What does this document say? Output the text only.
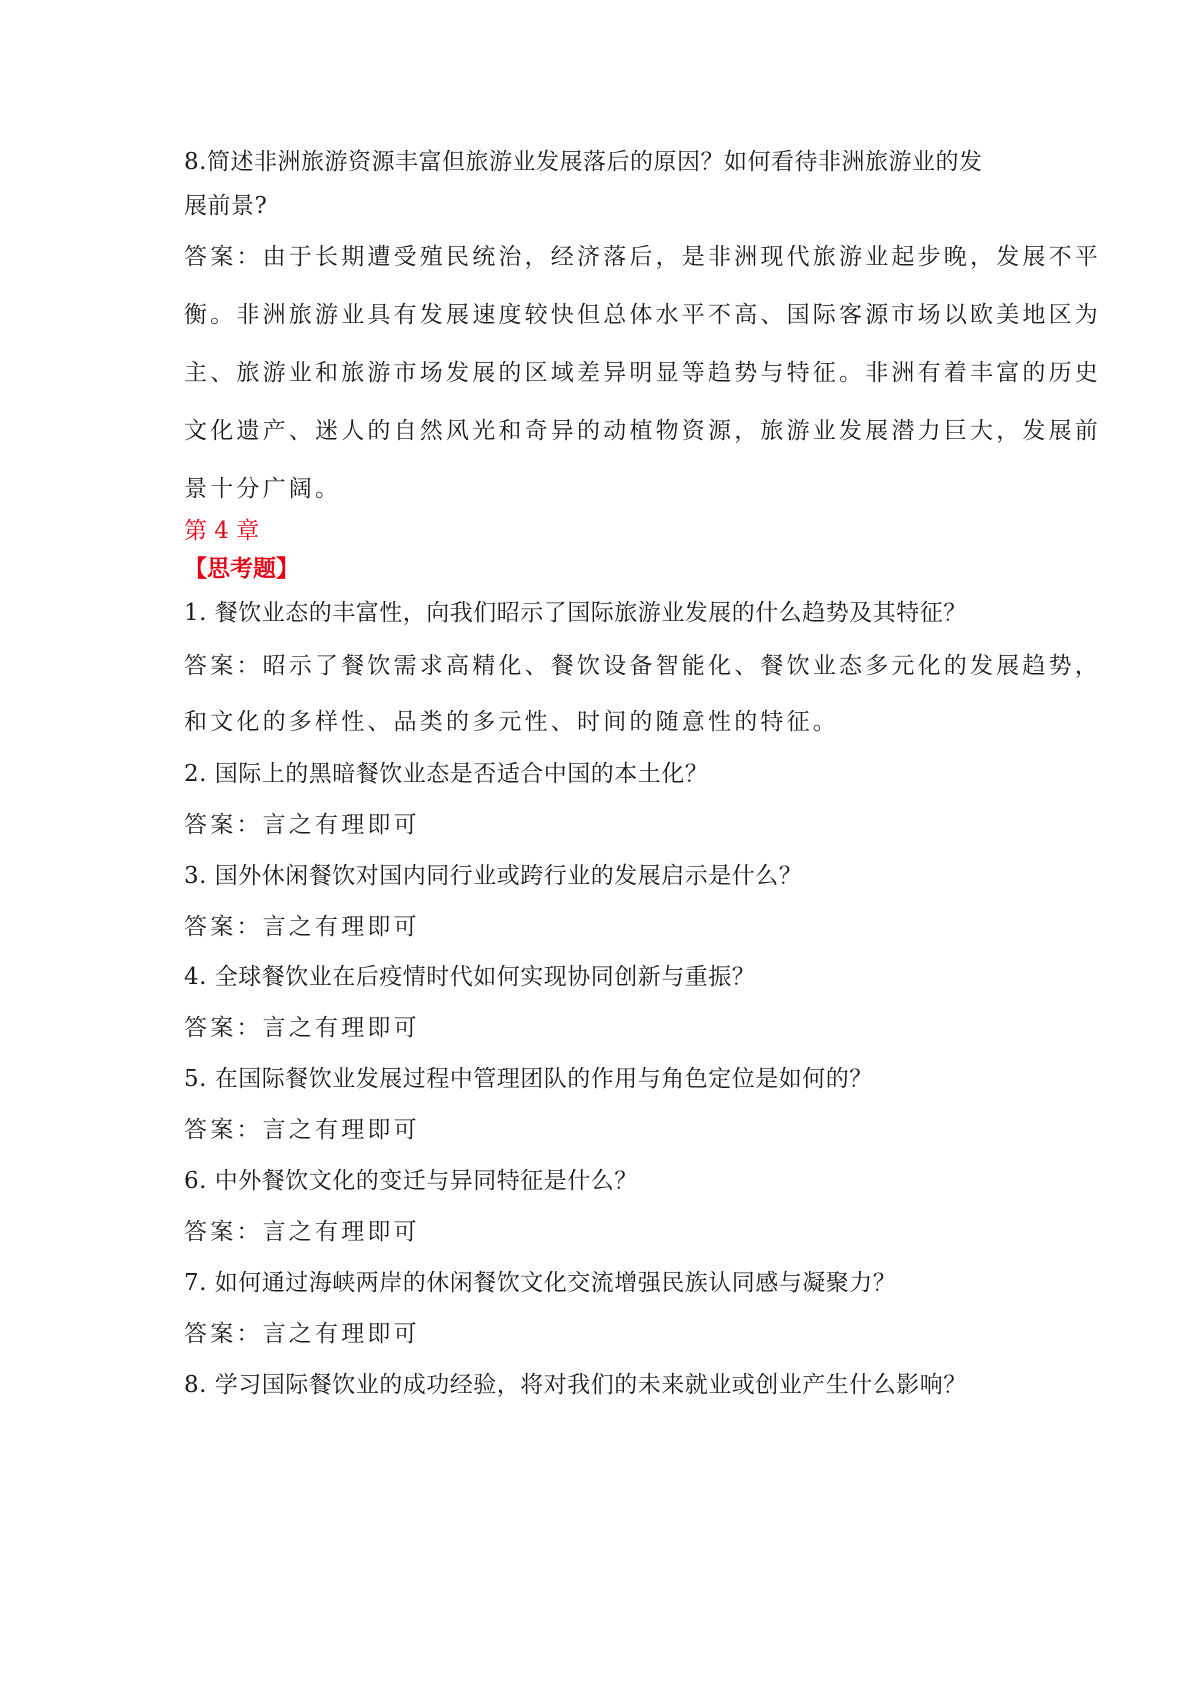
8.简述非洲旅游资源丰富但旅游业发展落后的原因？如何看待非洲旅游业的发
展前景?
答案：由于长期遭受殖民统治，经济落后，是非洲现代旅游业起步晚，发展不平
衡。非洲旅游业具有发展速度较快但总体水平不高、国际客源市场以欧美地区为
主、旅游业和旅游市场发展的区域差异明显等趋势与特征。非洲有着丰富的历史
文化遗产、迷人的自然风光和奇异的动植物资源，旅游业发展潜力巨大，发展前
景十分广阔。
第 4 章
【思考题】
1. 餐饮业态的丰富性，向我们昭示了国际旅游业发展的什么趋势及其特征？
答案：昭示了餐饮需求高精化、餐饮设备智能化、餐饮业态多元化的发展趋势，
和文化的多样性、品类的多元性、时间的随意性的特征。
2. 国际上的黑暗餐饮业态是否适合中国的本土化？
答案：言之有理即可
3. 国外休闲餐饮对国内同行业或跨行业的发展启示是什么？
答案：言之有理即可
4. 全球餐饮业在后疫情时代如何实现协同创新与重振？
答案：言之有理即可
5. 在国际餐饮业发展过程中管理团队的作用与角色定位是如何的？
答案：言之有理即可
6. 中外餐饮文化的变迁与异同特征是什么？
答案：言之有理即可
7. 如何通过海峡两岸的休闲餐饮文化交流增强民族认同感与凝聚力？
答案：言之有理即可
8. 学习国际餐饮业的成功经验，将对我们的未来就业或创业产生什么影响？
